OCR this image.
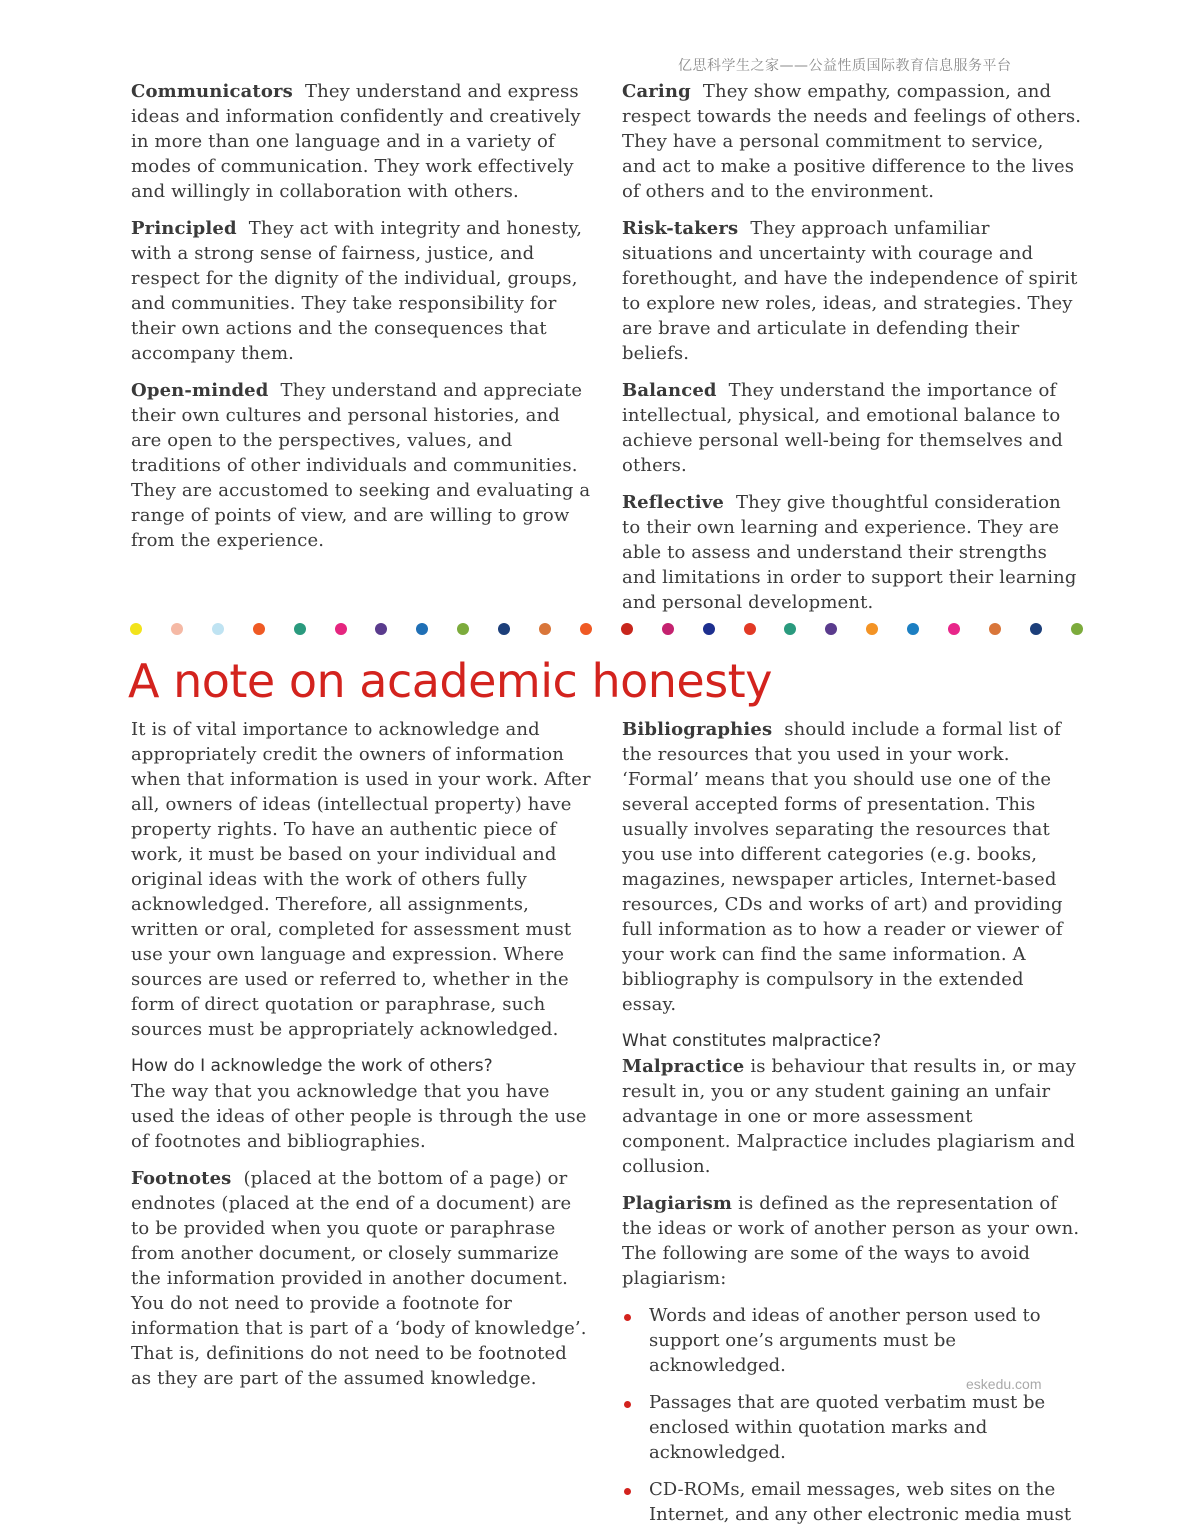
亿思科学生之家——公益性质国际教育信息服务平台

Communicators They understand and express ideas and information confidently and creatively in more than one language and in a variety of modes of communication. They work effectively and willingly in collaboration with others.

Principled They act with integrity and honesty, with a strong sense of fairness, justice, and respect for the dignity of the individual, groups, and communities. They take responsibility for their own actions and the consequences that accompany them.

Open-minded They understand and appreciate their own cultures and personal histories, and are open to the perspectives, values, and traditions of other individuals and communities. They are accustomed to seeking and evaluating a range of points of view, and are willing to grow from the experience.

Caring They show empathy, compassion, and respect towards the needs and feelings of others. They have a personal commitment to service, and act to make a positive difference to the lives of others and to the environment.

Risk-takers They approach unfamiliar situations and uncertainty with courage and forethought, and have the independence of spirit to explore new roles, ideas, and strategies. They are brave and articulate in defending their beliefs.

Balanced They understand the importance of intellectual, physical, and emotional balance to achieve personal well-being for themselves and others.

Reflective They give thoughtful consideration to their own learning and experience. They are able to assess and understand their strengths and limitations in order to support their learning and personal development.

A note on academic honesty

It is of vital importance to acknowledge and appropriately credit the owners of information when that information is used in your work. After all, owners of ideas (intellectual property) have property rights. To have an authentic piece of work, it must be based on your individual and original ideas with the work of others fully acknowledged. Therefore, all assignments, written or oral, completed for assessment must use your own language and expression. Where sources are used or referred to, whether in the form of direct quotation or paraphrase, such sources must be appropriately acknowledged.

How do I acknowledge the work of others?

The way that you acknowledge that you have used the ideas of other people is through the use of footnotes and bibliographies.

Footnotes (placed at the bottom of a page) or endnotes (placed at the end of a document) are to be provided when you quote or paraphrase from another document, or closely summarize the information provided in another document. You do not need to provide a footnote for information that is part of a ‘body of knowledge’. That is, definitions do not need to be footnoted as they are part of the assumed knowledge.

Bibliographies should include a formal list of the resources that you used in your work. ‘Formal’ means that you should use one of the several accepted forms of presentation. This usually involves separating the resources that you use into different categories (e.g. books, magazines, newspaper articles, Internet-based resources, CDs and works of art) and providing full information as to how a reader or viewer of your work can find the same information. A bibliography is compulsory in the extended essay.

What constitutes malpractice?

Malpractice is behaviour that results in, or may result in, you or any student gaining an unfair advantage in one or more assessment component. Malpractice includes plagiarism and collusion.

Plagiarism is defined as the representation of the ideas or work of another person as your own. The following are some of the ways to avoid plagiarism:

Words and ideas of another person used to support one’s arguments must be acknowledged.
Passages that are quoted verbatim must be enclosed within quotation marks and acknowledged.
CD-ROMs, email messages, web sites on the Internet, and any other electronic media must
eskedu.com
